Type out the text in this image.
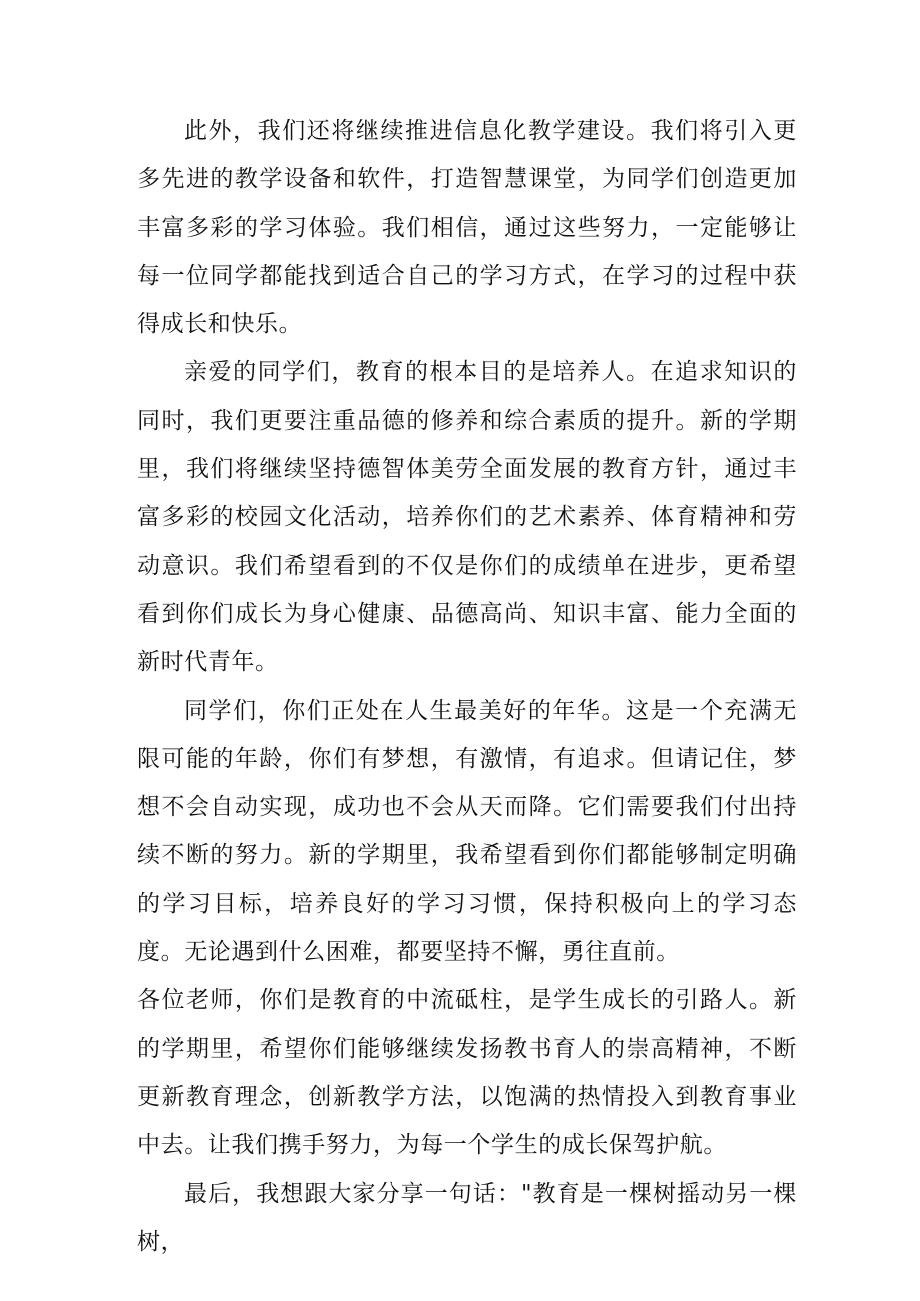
此外，我们还将继续推进信息化教学建设。我们将引入更多先进的教学设备和软件，打造智慧课堂，为同学们创造更加丰富多彩的学习体验。我们相信，通过这些努力，一定能够让每一位同学都能找到适合自己的学习方式，在学习的过程中获得成长和快乐。

亲爱的同学们，教育的根本目的是培养人。在追求知识的同时，我们更要注重品德的修养和综合素质的提升。新的学期里，我们将继续坚持德智体美劳全面发展的教育方针，通过丰富多彩的校园文化活动，培养你们的艺术素养、体育精神和劳动意识。我们希望看到的不仅是你们的成绩单在进步，更希望看到你们成长为身心健康、品德高尚、知识丰富、能力全面的新时代青年。

同学们，你们正处在人生最美好的年华。这是一个充满无限可能的年龄，你们有梦想，有激情，有追求。但请记住，梦想不会自动实现，成功也不会从天而降。它们需要我们付出持续不断的努力。新的学期里，我希望看到你们都能够制定明确的学习目标，培养良好的学习习惯，保持积极向上的学习态度。无论遇到什么困难，都要坚持不懈，勇往直前。

各位老师，你们是教育的中流砥柱，是学生成长的引路人。新的学期里，希望你们能够继续发扬教书育人的崇高精神，不断更新教育理念，创新教学方法，以饱满的热情投入到教育事业中去。让我们携手努力，为每一个学生的成长保驾护航。

最后，我想跟大家分享一句话："教育是一棵树摇动另一棵树，
